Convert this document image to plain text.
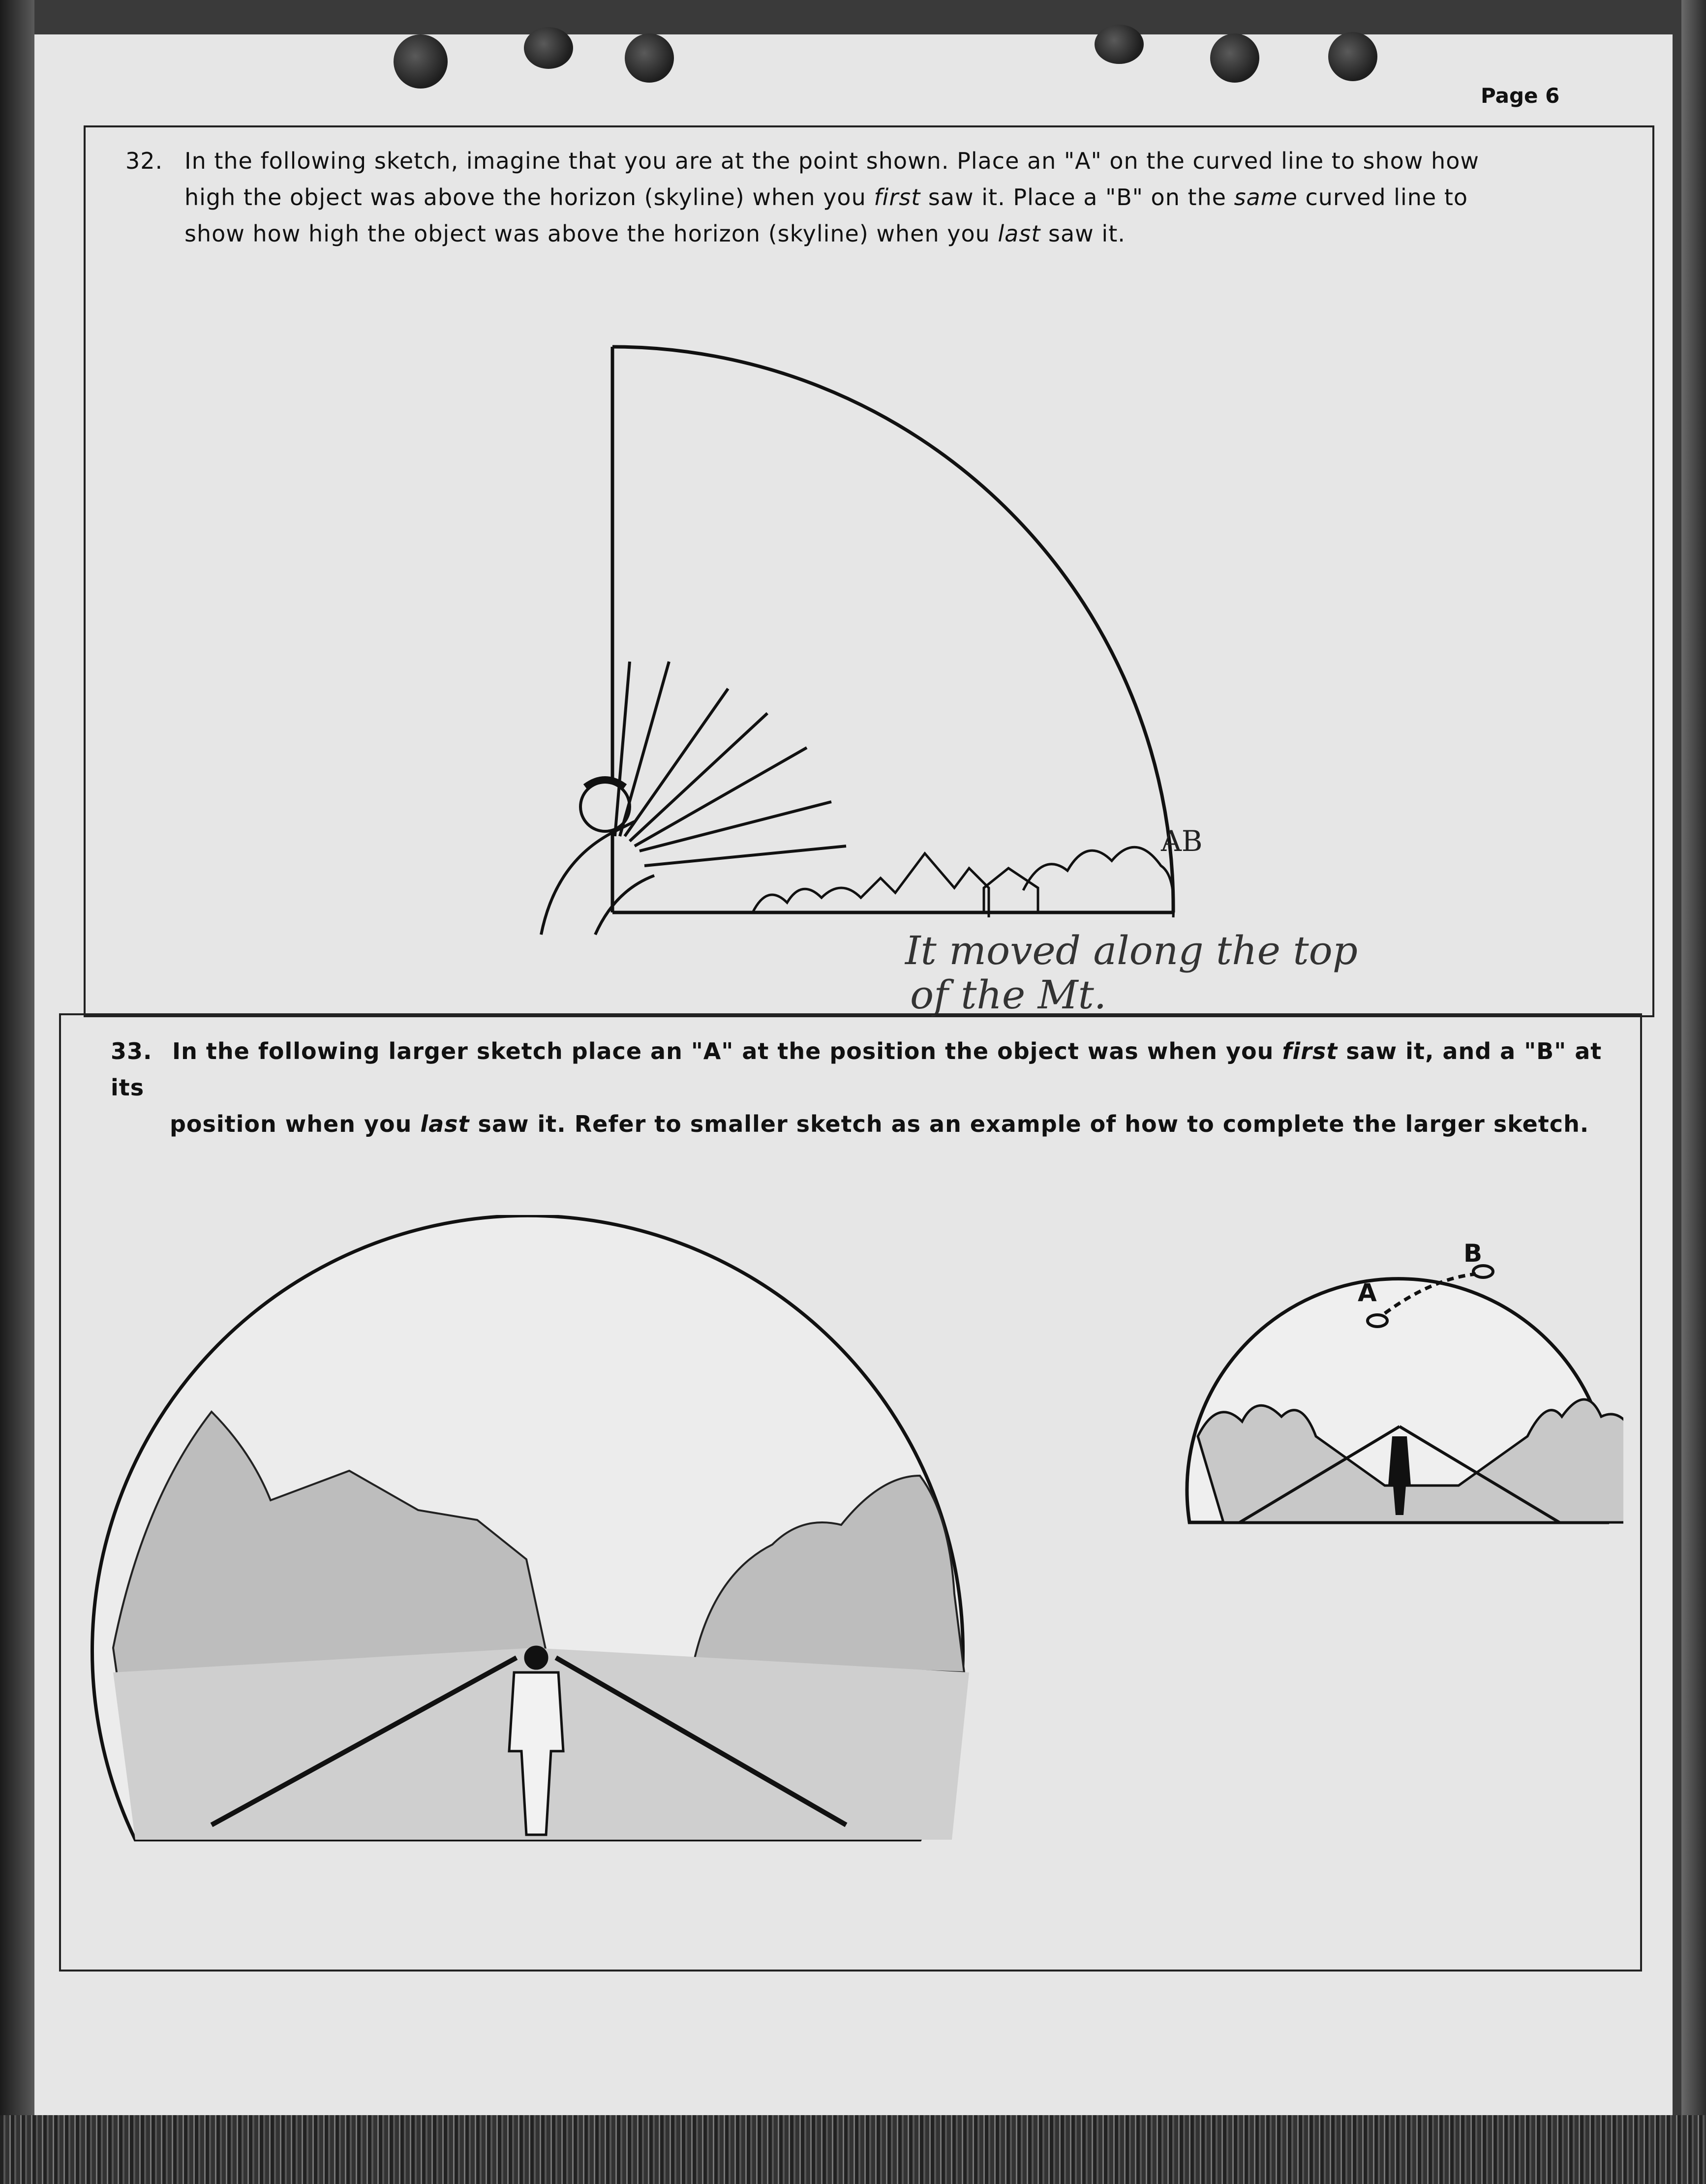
Page 6
32. In the following sketch, imagine that you are at the point shown. Place an "A" on the curved line to show how
high the object was above the horizon (skyline) when you first saw it. Place a "B" on the same curved line to
show how high the object was above the horizon (skyline) when you last saw it.
AB
It moved along the top
of the Mt.
33. In the following larger sketch place an "A" at the position the object was when you first saw it, and a "B" at its
position when you last saw it. Refer to smaller sketch as an example of how to complete the larger sketch.
A
B
